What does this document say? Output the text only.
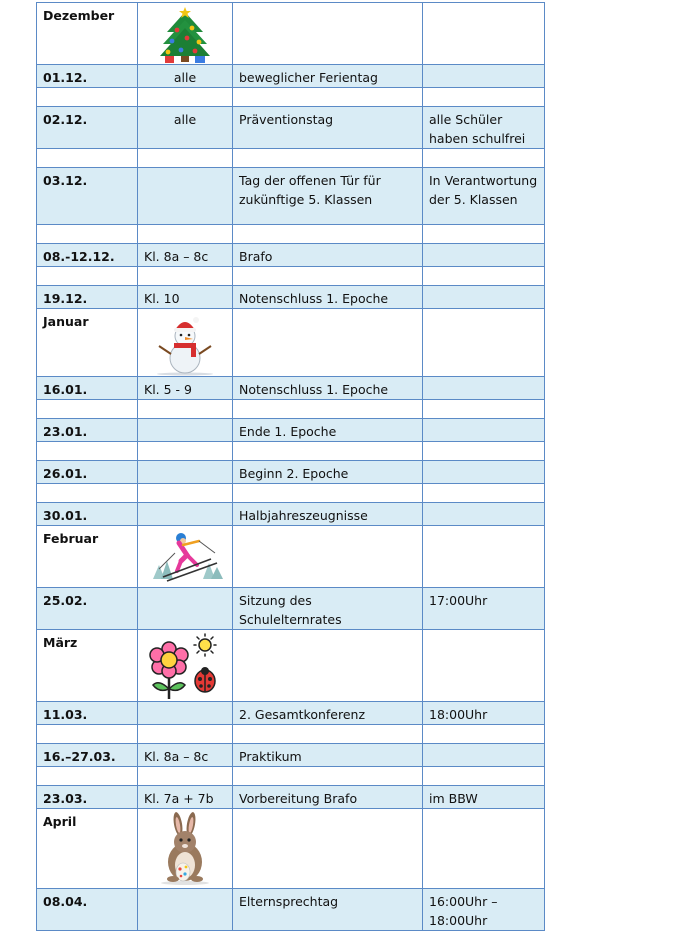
Dezember	

01.12.	alle	beweglicher Ferientag	

02.12.	alle	Präventionstag	alle Schüler haben schulfrei

03.12.		Tag der offenen Tür für zukünftige 5. Klassen	In Verantwortung der 5. Klassen

08.-12.12.	Kl. 8a – 8c	Brafo	

19.12.	Kl. 10	Notenschluss 1. Epoche	
Januar	

16.01.	Kl. 5 - 9	Notenschluss 1. Epoche	

23.01.		Ende 1. Epoche	

26.01.		Beginn 2. Epoche	

30.01.		Halbjahreszeugnisse	
Februar	

25.02.		Sitzung des Schulelternrates	17:00Uhr
März	

11.03.		2. Gesamtkonferenz	18:00Uhr

16.–27.03.	Kl. 8a – 8c	Praktikum	

23.03.	Kl. 7a + 7b	Vorbereitung Brafo	im BBW
April	

08.04.		Elternsprechtag	16:00Uhr – 18:00Uhr
